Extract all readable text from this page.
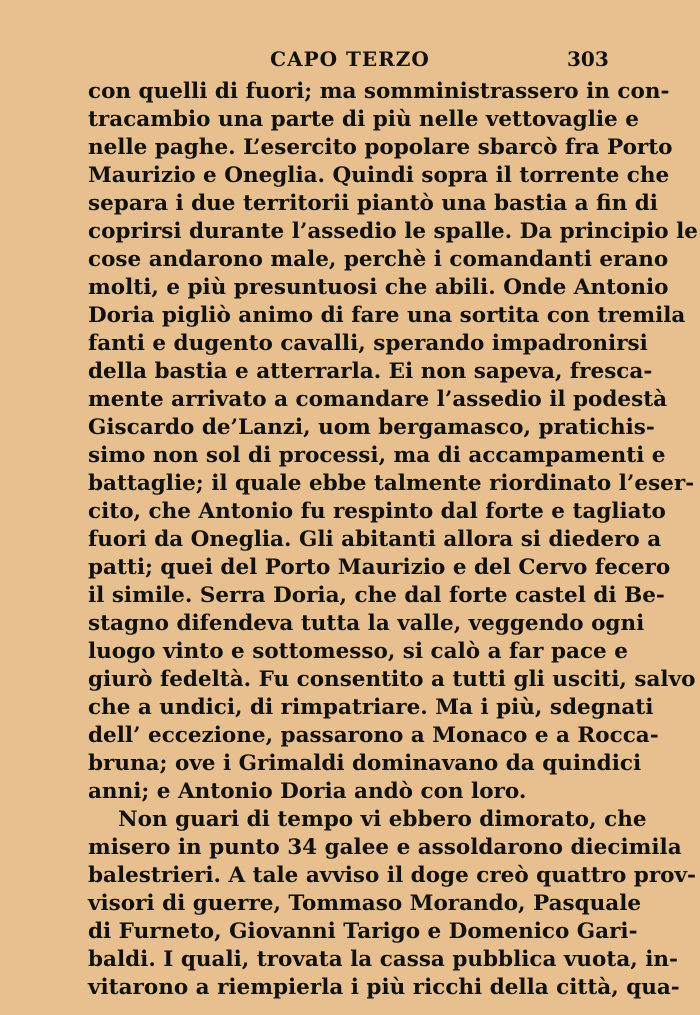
CAPO TERZO	303
con quelli di fuori; ma somministrassero in con-
tracambio una parte di più nelle vettovaglie e
nelle paghe. L’esercito popolare sbarcò fra Porto
Maurizio e Oneglia. Quindi sopra il torrente che
separa i due territorii piantò una bastia a fin di
coprirsi durante l’assedio le spalle. Da principio le
cose andarono male, perchè i comandanti erano
molti, e più presuntuosi che abili. Onde Antonio
Doria pigliò animo di fare una sortita con tremila
fanti e dugento cavalli, sperando impadronirsi
della bastia e atterrarla. Ei non sapeva, fresca-
mente arrivato a comandare l’assedio il podestà
Giscardo de’Lanzi, uom bergamasco, pratichis-
simo non sol di processi, ma di accampamenti e
battaglie; il quale ebbe talmente riordinato l’eser-
cito, che Antonio fu respinto dal forte e tagliato
fuori da Oneglia. Gli abitanti allora si diedero a
patti; quei del Porto Maurizio e del Cervo fecero
il simile. Serra Doria, che dal forte castel di Be-
stagno difendeva tutta la valle, veggendo ogni
luogo vinto e sottomesso, si calò a far pace e
giurò fedeltà. Fu consentito a tutti gli usciti, salvo
che a undici, di rimpatriare. Ma i più, sdegnati
dell’ eccezione, passarono a Monaco e a Rocca-
bruna; ove i Grimaldi dominavano da quindici
anni; e Antonio Doria andò con loro.
Non guari di tempo vi ebbero dimorato, che
misero in punto 34 galee e assoldarono diecimila
balestrieri. A tale avviso il doge creò quattro prov-
visori di guerre, Tommaso Morando, Pasquale
di Furneto, Giovanni Tarigo e Domenico Gari-
baldi. I quali, trovata la cassa pubblica vuota, in-
vitarono a riempierla i più ricchi della città, qua-
